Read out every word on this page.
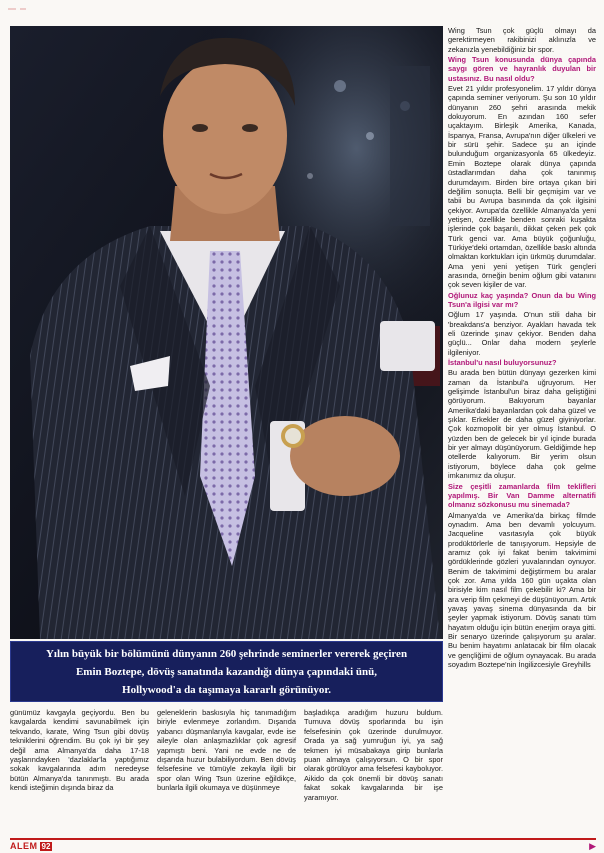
Wing Tsun çok güçlü olmayı da gerektirmeyen rakibinizi aklınızla ve zekanızla yenebildiğiniz bir spor.

Wing Tsun konusunda dünya çapında saygı gören ve hayranlık duyulan bir ustasınız. Bu nasıl oldu?

Evet 21 yıldır profesyonelim. 17 yıldır dünya çapında seminer veriyorum. Şu son 10 yıldır dünyanın 260 şehri arasında mekik dokuyorum. En azından 160 sefer uçaktayım. Birleşik Amerika, Kanada, İspanya, Fransa, Avrupa'nın diğer ülkeleri ve bir sürü şehir. Sadece şu an içinde bulunduğum organizasyonla 65 ülkedeyiz. Emin Boztepe olarak dünya çapında üstadlarımdan daha çok tanınmış durumdayım. Birden bire ortaya çıkan biri değilim sonuçta. Belli bir geçmişim var ve tabii bu Avrupa basınında da çok ilgisini çekiyor. Avrupa'da özellikle Almanya'da yeni yetişen, özellikle benden sonraki kuşakta işlerinde çok başarılı, dikkat çeken pek çok Türk genci var. Ama büyük çoğunluğu, Türkiye'deki ortamdan, özellikle baskı altında olmaktan korktukları için ürkmüş durumdalar. Ama yeni yeni yetişen Türk gençleri arasında, örneğin benim oğlum gibi vatanını çok seven kişiler de var.

Oğlunuz kaç yaşında? Onun da bu Wing Tsun'a ilgisi var mı?

Oğlum 17 yaşında. O'nun stili daha bir 'breakdans'a benziyor. Ayakları havada tek eli üzerinde şınav çekiyor. Benden daha güçlü... Onlar daha modern şeylerle ilgileniyor.

İstanbul'u nasıl buluyorsunuz?

Bu arada ben bütün dünyayı gezerken kimi zaman da İstanbul'a uğruyorum. Her gelişimde İstanbul'un biraz daha geliştiğini görüyorum. Bakıyorum bayanlar Amerika'daki bayanlardan çok daha güzel ve şıklar. Erkekler de daha güzel giyiniyorlar. Çok kozmopolit bir yer olmuş İstanbul. O yüzden ben de gelecek bir yıl içinde burada bir yer almayı düşünüyorum. Geldiğimde hep otellerde kalıyorum. Bir yerim olsun istiyorum, böylece daha çok gelme imkanımız da oluşur.

Size çeşitli zamanlarda film teklifleri yapılmış. Bir Van Damme alternatifi olmanız sözkonusu mu sinemada?

Almanya'da ve Amerika'da birkaç filmde oynadım. Ama ben devamlı yolcuyum. Jacqueline vasıtasıyla çok büyük prodüktörlerle de tanışıyorum. Hepsiyle de aramız çok iyi fakat benim takvimimi gördüklerinde gözleri yuvalarından oynuyor. Benim de takvimimi değiştirmem bu aralar çok zor. Ama yılda 160 gün uçakta olan birisiyle kim nasıl film çekebilir ki? Ama bir ara verip film çekmeyi de düşünüyorum. Artık yavaş yavaş sinema dünyasında da bir şeyler yapmak istiyorum. Dövüş sanatı tüm hayatım olduğu için bütün enerjim oraya gitti. Bir senaryo üzerinde çalışıyorum şu aralar. Bu benim hayatımı anlatacak bir film olacak ve gençliğimi de oğlum oynayacak. Bu arada soyadım Boztepe'nin İngilizcesiyle Greyhills

Yılın büyük bir bölümünü dünyanın 260 şehrinde seminerler vererek geçiren
Emin Boztepe, dövüş sanatında kazandığı dünya çapındaki ünü,
Hollywood'a da taşımaya kararlı görünüyor.
günümüz kavgayla geçiyordu. Ben bu kavgalarda kendimi savunabilmek için tekvando, karate, Wing Tsun gibi dövüş tekniklerini öğrendim. Bu çok iyi bir şey değil ama Almanya'da daha 17-18 yaşlarındayken 'dazlaklar'la yaptığımız sokak kavgalarında adım neredeyse bütün Almanya'da tanınmıştı. Bu arada kendi isteğimin dışında biraz da
geleneklerin baskısıyla hiç tanımadığım biriyle evlenmeye zorlandım. Dışarıda yabancı düşmanlarıyla kavgalar, evde ise aileyle olan anlaşmazlıklar çok agresif yapmıştı beni. Yani ne evde ne de dışarıda huzur bulabiliyordum. Ben dövüş felsefesine ve tümüyle zekayla ilgili bir spor olan Wing Tsun üzerine eğildikçe, bunlarla ilgili okumaya ve düşünmeye
başladıkça aradığım huzuru buldum. Turnuva dövüş sporlarında bu işin felsefesinin çok üzerinde durulmuyor. Orada ya sağ yumruğun iyi, ya sağ tekmen iyi müsabakaya girip bunlarla puan almaya çalışıyorsun. O bir spor olarak görülüyor ama felsefesi kayboluyor. Aikido da çok önemli bir dövüş sanatı fakat sokak kavgalarında bir işe yaramıyor.
ALEM 92	▶
